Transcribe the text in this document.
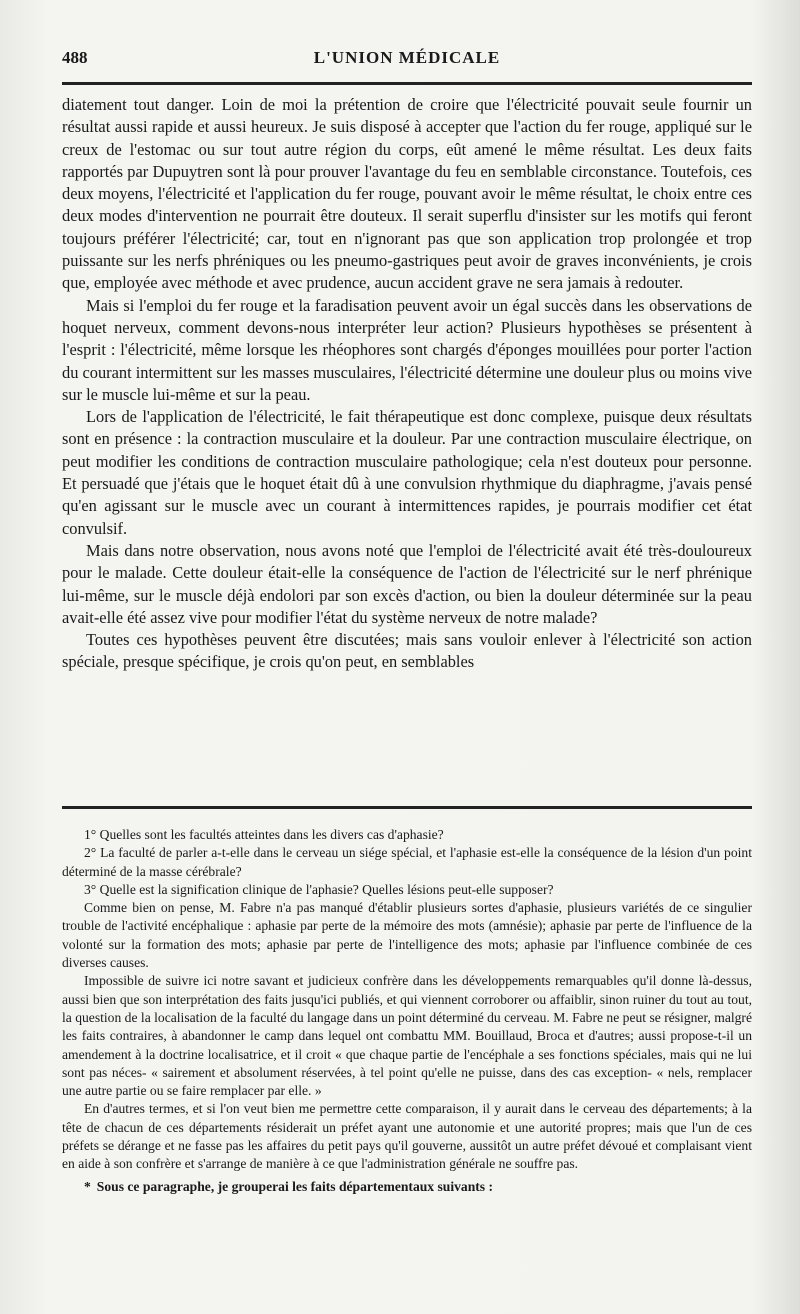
488	L'UNION MÉDICALE

diatement tout danger. Loin de moi la prétention de croire que l'électricité pouvait seule fournir un résultat aussi rapide et aussi heureux. Je suis disposé à accepter que l'action du fer rouge, appliqué sur le creux de l'estomac ou sur tout autre région du corps, eût amené le même résultat. Les deux faits rapportés par Dupuytren sont là pour prouver l'avantage du feu en semblable circonstance. Toutefois, ces deux moyens, l'électricité et l'application du fer rouge, pouvant avoir le même résultat, le choix entre ces deux modes d'intervention ne pourrait être douteux. Il serait superflu d'insister sur les motifs qui feront toujours préférer l'électricité; car, tout en n'ignorant pas que son application trop prolongée et trop puissante sur les nerfs phréniques ou les pneumo-gastriques peut avoir de graves inconvénients, je crois que, employée avec méthode et avec prudence, aucun accident grave ne sera jamais à redouter.

Mais si l'emploi du fer rouge et la faradisation peuvent avoir un égal succès dans les observations de hoquet nerveux, comment devons-nous interpréter leur action? Plusieurs hypothèses se présentent à l'esprit : l'électricité, même lorsque les rhéophores sont chargés d'éponges mouillées pour porter l'action du courant intermittent sur les masses musculaires, l'électricité détermine une douleur plus ou moins vive sur le muscle lui-même et sur la peau.

Lors de l'application de l'électricité, le fait thérapeutique est donc complexe, puisque deux résultats sont en présence : la contraction musculaire et la douleur. Par une contraction musculaire électrique, on peut modifier les conditions de contraction musculaire pathologique; cela n'est douteux pour personne. Et persuadé que j'étais que le hoquet était dû à une convulsion rhythmique du diaphragme, j'avais pensé qu'en agissant sur le muscle avec un courant à intermittences rapides, je pourrais modifier cet état convulsif.

Mais dans notre observation, nous avons noté que l'emploi de l'électricité avait été très-douloureux pour le malade. Cette douleur était-elle la conséquence de l'action de l'électricité sur le nerf phrénique lui-même, sur le muscle déjà endolori par son excès d'action, ou bien la douleur déterminée sur la peau avait-elle été assez vive pour modifier l'état du système nerveux de notre malade?

Toutes ces hypothèses peuvent être discutées; mais sans vouloir enlever à l'électricité son action spéciale, presque spécifique, je crois qu'on peut, en semblables

1° Quelles sont les facultés atteintes dans les divers cas d'aphasie?

2° La faculté de parler a-t-elle dans le cerveau un siége spécial, et l'aphasie est-elle la conséquence de la lésion d'un point déterminé de la masse cérébrale?

3° Quelle est la signification clinique de l'aphasie? Quelles lésions peut-elle supposer?

Comme bien on pense, M. Fabre n'a pas manqué d'établir plusieurs sortes d'aphasie, plusieurs variétés de ce singulier trouble de l'activité encéphalique : aphasie par perte de la mémoire des mots (amnésie); aphasie par perte de l'influence de la volonté sur la formation des mots; aphasie par perte de l'intelligence des mots; aphasie par l'influence combinée de ces diverses causes.

Impossible de suivre ici notre savant et judicieux confrère dans les développements remarquables qu'il donne là-dessus, aussi bien que son interprétation des faits jusqu'ici publiés, et qui viennent corroborer ou affaiblir, sinon ruiner du tout au tout, la question de la localisation de la faculté du langage dans un point déterminé du cerveau. M. Fabre ne peut se résigner, malgré les faits contraires, à abandonner le camp dans lequel ont combattu MM. Bouillaud, Broca et d'autres; aussi propose-t-il un amendement à la doctrine localisatrice, et il croit « que chaque partie de l'encéphale a ses fonctions spéciales, mais qui ne lui sont pas néces- « sairement et absolument réservées, à tel point qu'elle ne puisse, dans des cas exception- « nels, remplacer une autre partie ou se faire remplacer par elle. »

En d'autres termes, et si l'on veut bien me permettre cette comparaison, il y aurait dans le cerveau des départements; à la tête de chacun de ces départements résiderait un préfet ayant une autonomie et une autorité propres; mais que l'un de ces préfets se dérange et ne fasse pas les affaires du petit pays qu'il gouverne, aussitôt un autre préfet dévoué et complaisant vient en aide à son confrère et s'arrange de manière à ce que l'administration générale ne souffre pas.

* Sous ce paragraphe, je grouperai les faits départementaux suivants :
